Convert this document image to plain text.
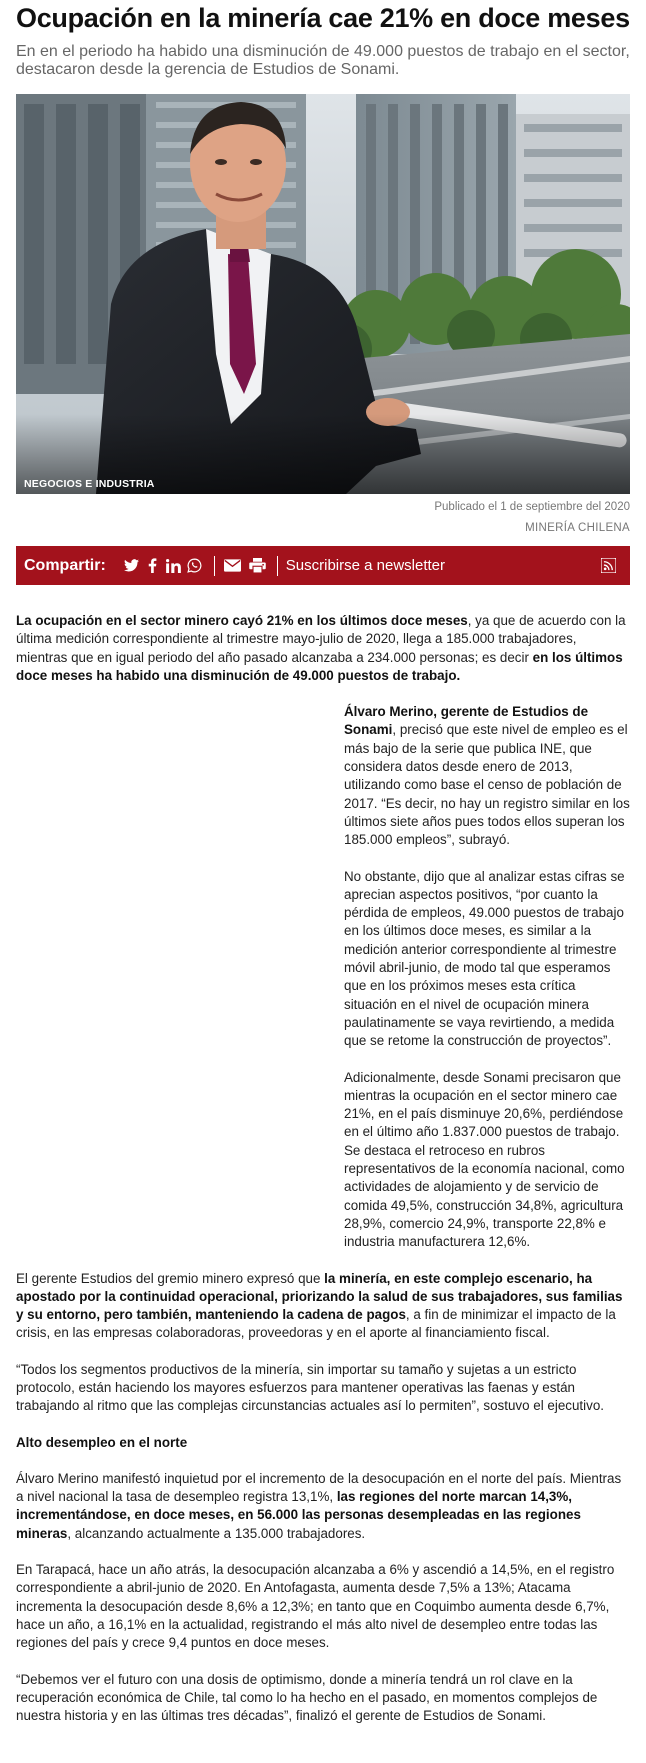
Ocupación en la minería cae 21% en doce meses
En en el periodo ha habido una disminución de 49.000 puestos de trabajo en el sector, destacaron desde la gerencia de Estudios de Sonami.
NEGOCIOS E INDUSTRIA
Publicado el 1 de septiembre del 2020
MINERÍA CHILENA
Compartir:	Suscribirse a newsletter

La ocupación en el sector minero cayó 21% en los últimos doce meses, ya que de acuerdo con la última medición correspondiente al trimestre mayo-julio de 2020, llega a 185.000 trabajadores, mientras que en igual periodo del año pasado alcanzaba a 234.000 personas; es decir en los últimos doce meses ha habido una disminución de 49.000 puestos de trabajo.

Álvaro Merino, gerente de Estudios de Sonami, precisó que este nivel de empleo es el más bajo de la serie que publica INE, que considera datos desde enero de 2013, utilizando como base el censo de población de 2017. “Es decir, no hay un registro similar en los últimos siete años pues todos ellos superan los 185.000 empleos”, subrayó.

No obstante, dijo que al analizar estas cifras se aprecian aspectos positivos, “por cuanto la pérdida de empleos, 49.000 puestos de trabajo en los últimos doce meses, es similar a la medición anterior correspondiente al trimestre móvil abril-junio, de modo tal que esperamos que en los próximos meses esta crítica situación en el nivel de ocupación minera paulatinamente se vaya revirtiendo, a medida que se retome la construcción de proyectos”.

Adicionalmente, desde Sonami precisaron que mientras la ocupación en el sector minero cae 21%, en el país disminuye 20,6%, perdiéndose en el último año 1.837.000 puestos de trabajo. Se destaca el retroceso en rubros representativos de la economía nacional, como actividades de alojamiento y de servicio de comida 49,5%, construcción 34,8%, agricultura 28,9%, comercio 24,9%, transporte 22,8% e industria manufacturera 12,6%.

El gerente Estudios del gremio minero expresó que la minería, en este complejo escenario, ha apostado por la continuidad operacional, priorizando la salud de sus trabajadores, sus familias y su entorno, pero también, manteniendo la cadena de pagos, a fin de minimizar el impacto de la crisis, en las empresas colaboradoras, proveedoras y en el aporte al financiamiento fiscal.

“Todos los segmentos productivos de la minería, sin importar su tamaño y sujetas a un estricto protocolo, están haciendo los mayores esfuerzos para mantener operativas las faenas y están trabajando al ritmo que las complejas circunstancias actuales así lo permiten”, sostuvo el ejecutivo.

Alto desempleo en el norte

Álvaro Merino manifestó inquietud por el incremento de la desocupación en el norte del país. Mientras a nivel nacional la tasa de desempleo registra 13,1%, las regiones del norte marcan 14,3%, incrementándose, en doce meses, en 56.000 las personas desempleadas en las regiones mineras, alcanzando actualmente a 135.000 trabajadores.

En Tarapacá, hace un año atrás, la desocupación alcanzaba a 6% y ascendió a 14,5%, en el registro correspondiente a abril-junio de 2020. En Antofagasta, aumenta desde 7,5% a 13%; Atacama incrementa la desocupación desde 8,6% a 12,3%; en tanto que en Coquimbo aumenta desde 6,7%, hace un año, a 16,1% en la actualidad, registrando el más alto nivel de desempleo entre todas las regiones del país y crece 9,4 puntos en doce meses.

“Debemos ver el futuro con una dosis de optimismo, donde a minería tendrá un rol clave en la recuperación económica de Chile, tal como lo ha hecho en el pasado, en momentos complejos de nuestra historia y en las últimas tres décadas”, finalizó el gerente de Estudios de Sonami.
